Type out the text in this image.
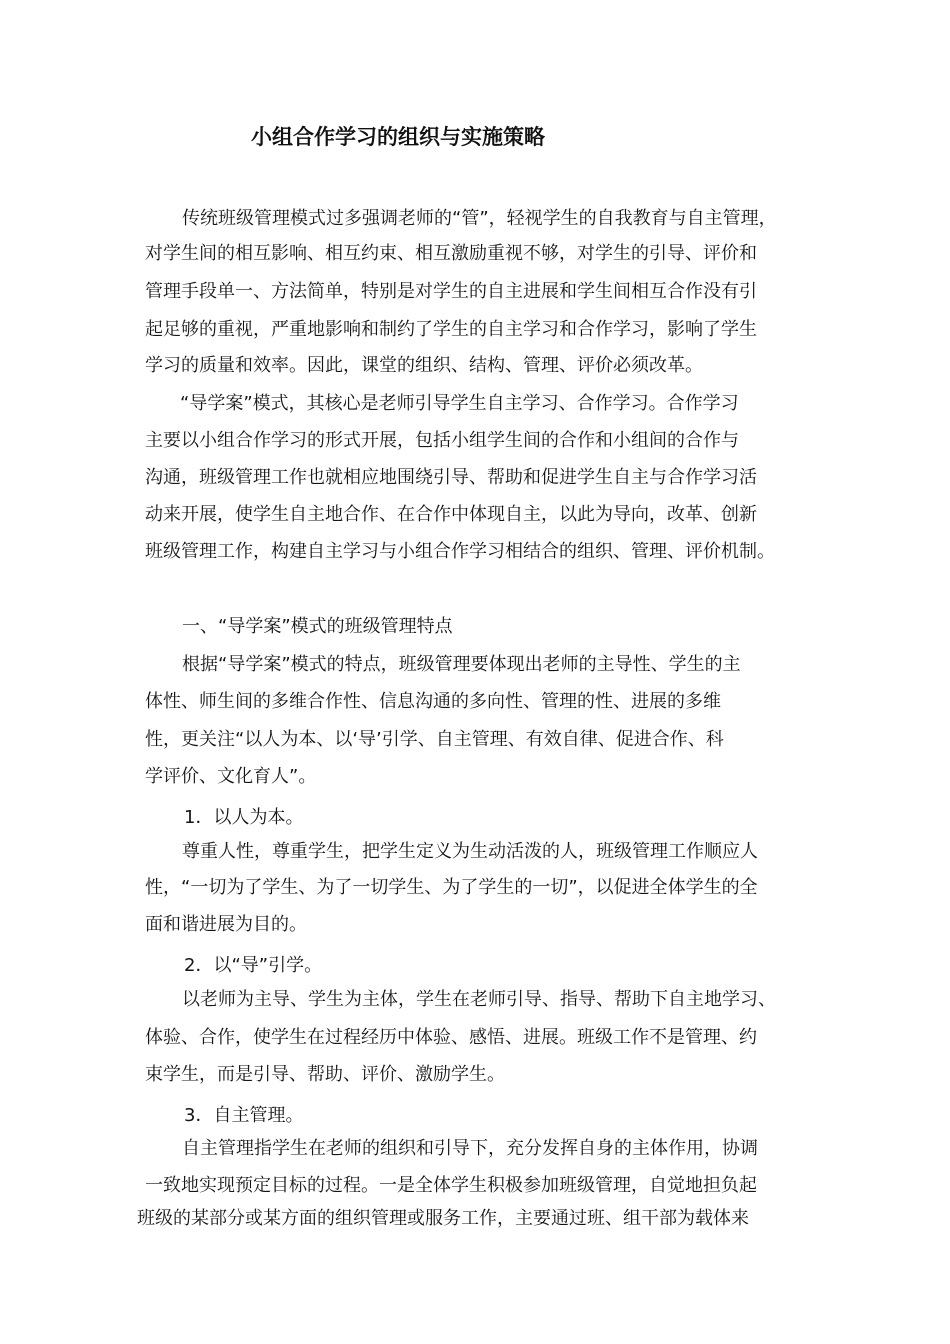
小组合作学习的组织与实施策略
传统班级管理模式过多强调老师的“管”，轻视学生的自我教育与自主管理，
对学生间的相互影响、相互约束、相互激励重视不够，对学生的引导、评价和
管理手段单一、方法简单，特别是对学生的自主进展和学生间相互合作没有引
起足够的重视，严重地影响和制约了学生的自主学习和合作学习，影响了学生
学习的质量和效率。因此，课堂的组织、结构、管理、评价必须改革。
“导学案”模式，其核心是老师引导学生自主学习、合作学习。合作学习
主要以小组合作学习的形式开展，包括小组学生间的合作和小组间的合作与
沟通，班级管理工作也就相应地围绕引导、帮助和促进学生自主与合作学习活
动来开展，使学生自主地合作、在合作中体现自主，以此为导向，改革、创新
班级管理工作，构建自主学习与小组合作学习相结合的组织、管理、评价机制。
一、“导学案”模式的班级管理特点
根据“导学案”模式的特点，班级管理要体现出老师的主导性、学生的主
体性、师生间的多维合作性、信息沟通的多向性、管理的性、进展的多维
性，更关注“以人为本、以‘导’引学、自主管理、有效自律、促进合作、科
学评价、文化育人”。
1．以人为本。
尊重人性，尊重学生，把学生定义为生动活泼的人，班级管理工作顺应人
性，“一切为了学生、为了一切学生、为了学生的一切”，以促进全体学生的全
面和谐进展为目的。
2．以“导”引学。
以老师为主导、学生为主体，学生在老师引导、指导、帮助下自主地学习、
体验、合作，使学生在过程经历中体验、感悟、进展。班级工作不是管理、约
束学生，而是引导、帮助、评价、激励学生。
3．自主管理。
自主管理指学生在老师的组织和引导下，充分发挥自身的主体作用，协调
一致地实现预定目标的过程。一是全体学生积极参加班级管理，自觉地担负起
班级的某部分或某方面的组织管理或服务工作，主要通过班、组干部为载体来
